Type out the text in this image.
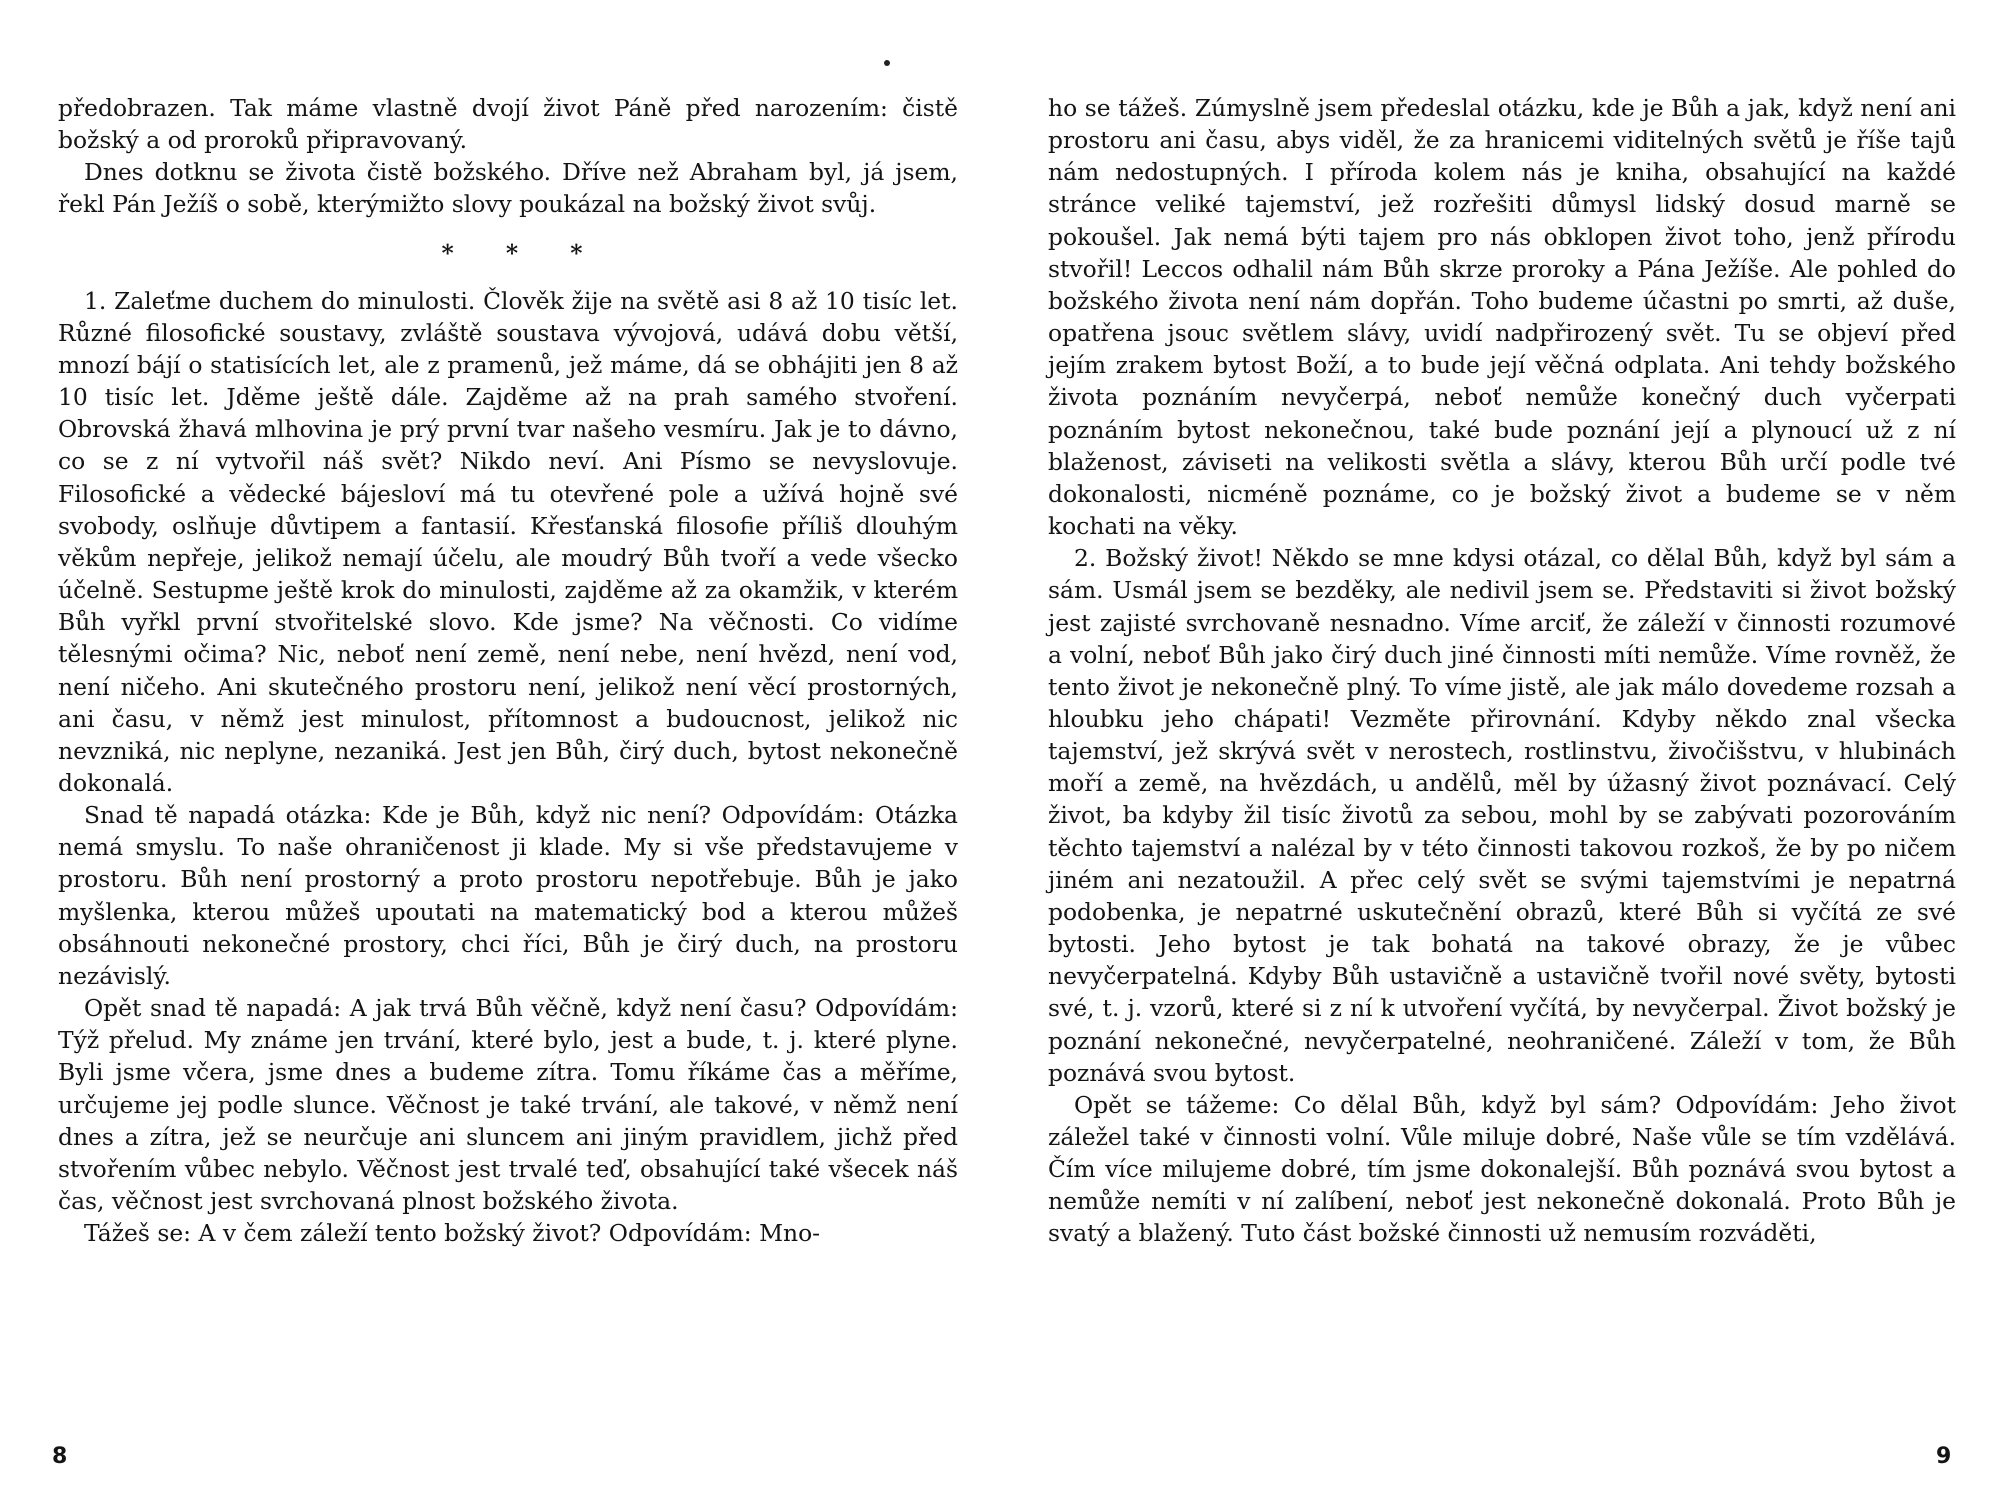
předobrazen. Tak máme vlastně dvojí život Páně před narozením: čistě božský a od proroků připravovaný.

Dnes dotknu se života čistě božského. Dříve než Abraham byl, já jsem, řekl Pán Ježíš o sobě, kterýmižto slovy poukázal na božský život svůj.

* * *

1. Zaleťme duchem do minulosti. Člověk žije na světě asi 8 až 10 tisíc let. Různé filosofické soustavy, zvláště soustava vývojová, udává dobu větší, mnozí bájí o statisících let, ale z pramenů, jež máme, dá se obhájiti jen 8 až 10 tisíc let. Jděme ještě dále. Zajděme až na prah samého stvoření. Obrovská žhavá mlhovina je prý první tvar našeho vesmíru. Jak je to dávno, co se z ní vytvořil náš svět? Nikdo neví. Ani Písmo se nevyslovuje. Filosofické a vědecké bájesloví má tu otevřené pole a užívá hojně své svobody, oslňuje důvtipem a fantasií. Křesťanská filosofie příliš dlouhým věkům nepřeje, jelikož nemají účelu, ale moudrý Bůh tvoří a vede všecko účelně. Sestupme ještě krok do minulosti, zajděme až za okamžik, v kterém Bůh vyřkl první stvořitelské slovo. Kde jsme? Na věčnosti. Co vidíme tělesnými očima? Nic, neboť není země, není nebe, není hvězd, není vod, není ničeho. Ani skutečného prostoru není, jelikož není věcí prostorných, ani času, v němž jest minulost, přítomnost a budoucnost, jelikož nic nevzniká, nic neplyne, nezaniká. Jest jen Bůh, čirý duch, bytost nekonečně dokonalá.

Snad tě napadá otázka: Kde je Bůh, když nic není? Odpovídám: Otázka nemá smyslu. To naše ohraničenost ji klade. My si vše představujeme v prostoru. Bůh není prostorný a proto prostoru nepotřebuje. Bůh je jako myšlenka, kterou můžeš upoutati na matematický bod a kterou můžeš obsáhnouti nekonečné prostory, chci říci, Bůh je čirý duch, na prostoru nezávislý.

Opět snad tě napadá: A jak trvá Bůh věčně, když není času? Odpovídám: Týž přelud. My známe jen trvání, které bylo, jest a bude, t. j. které plyne. Byli jsme včera, jsme dnes a budeme zítra. Tomu říkáme čas a měříme, určujeme jej podle slunce. Věčnost je také trvání, ale takové, v němž není dnes a zítra, jež se neurčuje ani sluncem ani jiným pravidlem, jichž před stvořením vůbec nebylo. Věčnost jest trvalé teď, obsahující také všecek náš čas, věčnost jest svrchovaná plnost božského života.

Tážeš se: A v čem záleží tento božský život? Odpovídám: Mno-

8

ho se tážeš. Zúmyslně jsem předeslal otázku, kde je Bůh a jak, když není ani prostoru ani času, abys viděl, že za hranicemi viditelných světů je říše tajů nám nedostupných. I příroda kolem nás je kniha, obsahující na každé stránce veliké tajemství, jež rozřešiti důmysl lidský dosud marně se pokoušel. Jak nemá býti tajem pro nás obklopen život toho, jenž přírodu stvořil! Leccos odhalil nám Bůh skrze proroky a Pána Ježíše. Ale pohled do božského života není nám dopřán. Toho budeme účastni po smrti, až duše, opatřena jsouc světlem slávy, uvidí nadpřirozený svět. Tu se objeví před jejím zrakem bytost Boží, a to bude její věčná odplata. Ani tehdy božského života poznáním nevyčerpá, neboť nemůže konečný duch vyčerpati poznáním bytost nekonečnou, také bude poznání její a plynoucí už z ní blaženost, záviseti na velikosti světla a slávy, kterou Bůh určí podle tvé dokonalosti, nicméně poznáme, co je božský život a budeme se v něm kochati na věky.

2. Božský život! Někdo se mne kdysi otázal, co dělal Bůh, když byl sám a sám. Usmál jsem se bezděky, ale nedivil jsem se. Představiti si život božský jest zajisté svrchovaně nesnadno. Víme arciť, že záleží v činnosti rozumové a volní, neboť Bůh jako čirý duch jiné činnosti míti nemůže. Víme rovněž, že tento život je nekonečně plný. To víme jistě, ale jak málo dovedeme rozsah a hloubku jeho chápati! Vezměte přirovnání. Kdyby někdo znal všecka tajemství, jež skrývá svět v nerostech, rostlinstvu, živočišstvu, v hlubinách moří a země, na hvězdách, u andělů, měl by úžasný život poznávací. Celý život, ba kdyby žil tisíc životů za sebou, mohl by se zabývati pozorováním těchto tajemství a nalézal by v této činnosti takovou rozkoš, že by po ničem jiném ani nezatoužil. A přec celý svět se svými tajemstvími je nepatrná podobenka, je nepatrné uskutečnění obrazů, které Bůh si vyčítá ze své bytosti. Jeho bytost je tak bohatá na takové obrazy, že je vůbec nevyčerpatelná. Kdyby Bůh ustavičně a ustavičně tvořil nové světy, bytosti své, t. j. vzorů, které si z ní k utvoření vyčítá, by nevyčerpal. Život božský je poznání nekonečné, nevyčerpatelné, neohraničené. Záleží v tom, že Bůh poznává svou bytost.

Opět se tážeme: Co dělal Bůh, když byl sám? Odpovídám: Jeho život záležel také v činnosti volní. Vůle miluje dobré, Naše vůle se tím vzdělává. Čím více milujeme dobré, tím jsme dokonalejší. Bůh poznává svou bytost a nemůže nemíti v ní zalíbení, neboť jest nekonečně dokonalá. Proto Bůh je svatý a blažený. Tuto část božské činnosti už nemusím rozváděti,

9
